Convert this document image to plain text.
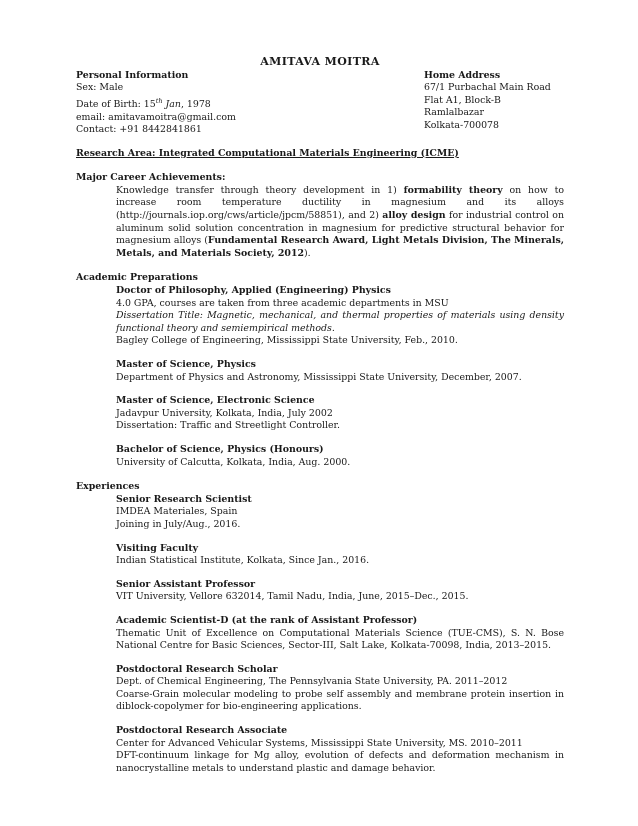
AMITAVA MOITRA
Personal Information
Sex: Male
Date of Birth: 15th Jan, 1978
email: amitavamoitra@gmail.com
Contact: +91 8442841861
Home Address
67/1 Purbachal Main Road
Flat A1, Block-B
Ramlalbazar
Kolkata-700078
Research Area: Integrated Computational Materials Engineering (ICME)
Major Career Achievements:
Knowledge transfer through theory development in 1) formability theory on how to increase room temperature ductility in magnesium and its alloys (http://journals.iop.org/cws/article/jpcm/58851), and 2) alloy design for industrial control on aluminum solid solution concentration in magnesium for predictive structural behavior for magnesium alloys (Fundamental Research Award, Light Metals Division, The Minerals, Metals, and Materials Society, 2012).
Academic Preparations
Doctor of Philosophy, Applied (Engineering) Physics
4.0 GPA, courses are taken from three academic departments in MSU
Dissertation Title: Magnetic, mechanical, and thermal properties of materials using density functional theory and semiempirical methods.
Bagley College of Engineering, Mississippi State University, Feb., 2010.
Master of Science, Physics
Department of Physics and Astronomy, Mississippi State University, December, 2007.
Master of Science, Electronic Science
Jadavpur University, Kolkata, India, July 2002
Dissertation: Traffic and Streetlight Controller.
Bachelor of Science, Physics (Honours)
University of Calcutta, Kolkata, India, Aug. 2000.
Experiences
Senior Research Scientist
IMDEA Materiales, Spain
Joining in July/Aug., 2016.
Visiting Faculty
Indian Statistical Institute, Kolkata, Since Jan., 2016.
Senior Assistant Professor
VIT University, Vellore 632014, Tamil Nadu, India, June, 2015–Dec., 2015.
Academic Scientist-D (at the rank of Assistant Professor)
Thematic Unit of Excellence on Computational Materials Science (TUE-CMS), S. N. Bose National Centre for Basic Sciences, Sector-III, Salt Lake, Kolkata-70098, India, 2013–2015.
Postdoctoral Research Scholar
Dept. of Chemical Engineering, The Pennsylvania State University, PA. 2011–2012
Coarse-Grain molecular modeling to probe self assembly and membrane protein insertion in diblock-copolymer for bio-engineering applications.
Postdoctoral Research Associate
Center for Advanced Vehicular Systems, Mississippi State University, MS. 2010–2011
DFT-continuum linkage for Mg alloy, evolution of defects and deformation mechanism in nanocrystalline metals to understand plastic and damage behavior.
